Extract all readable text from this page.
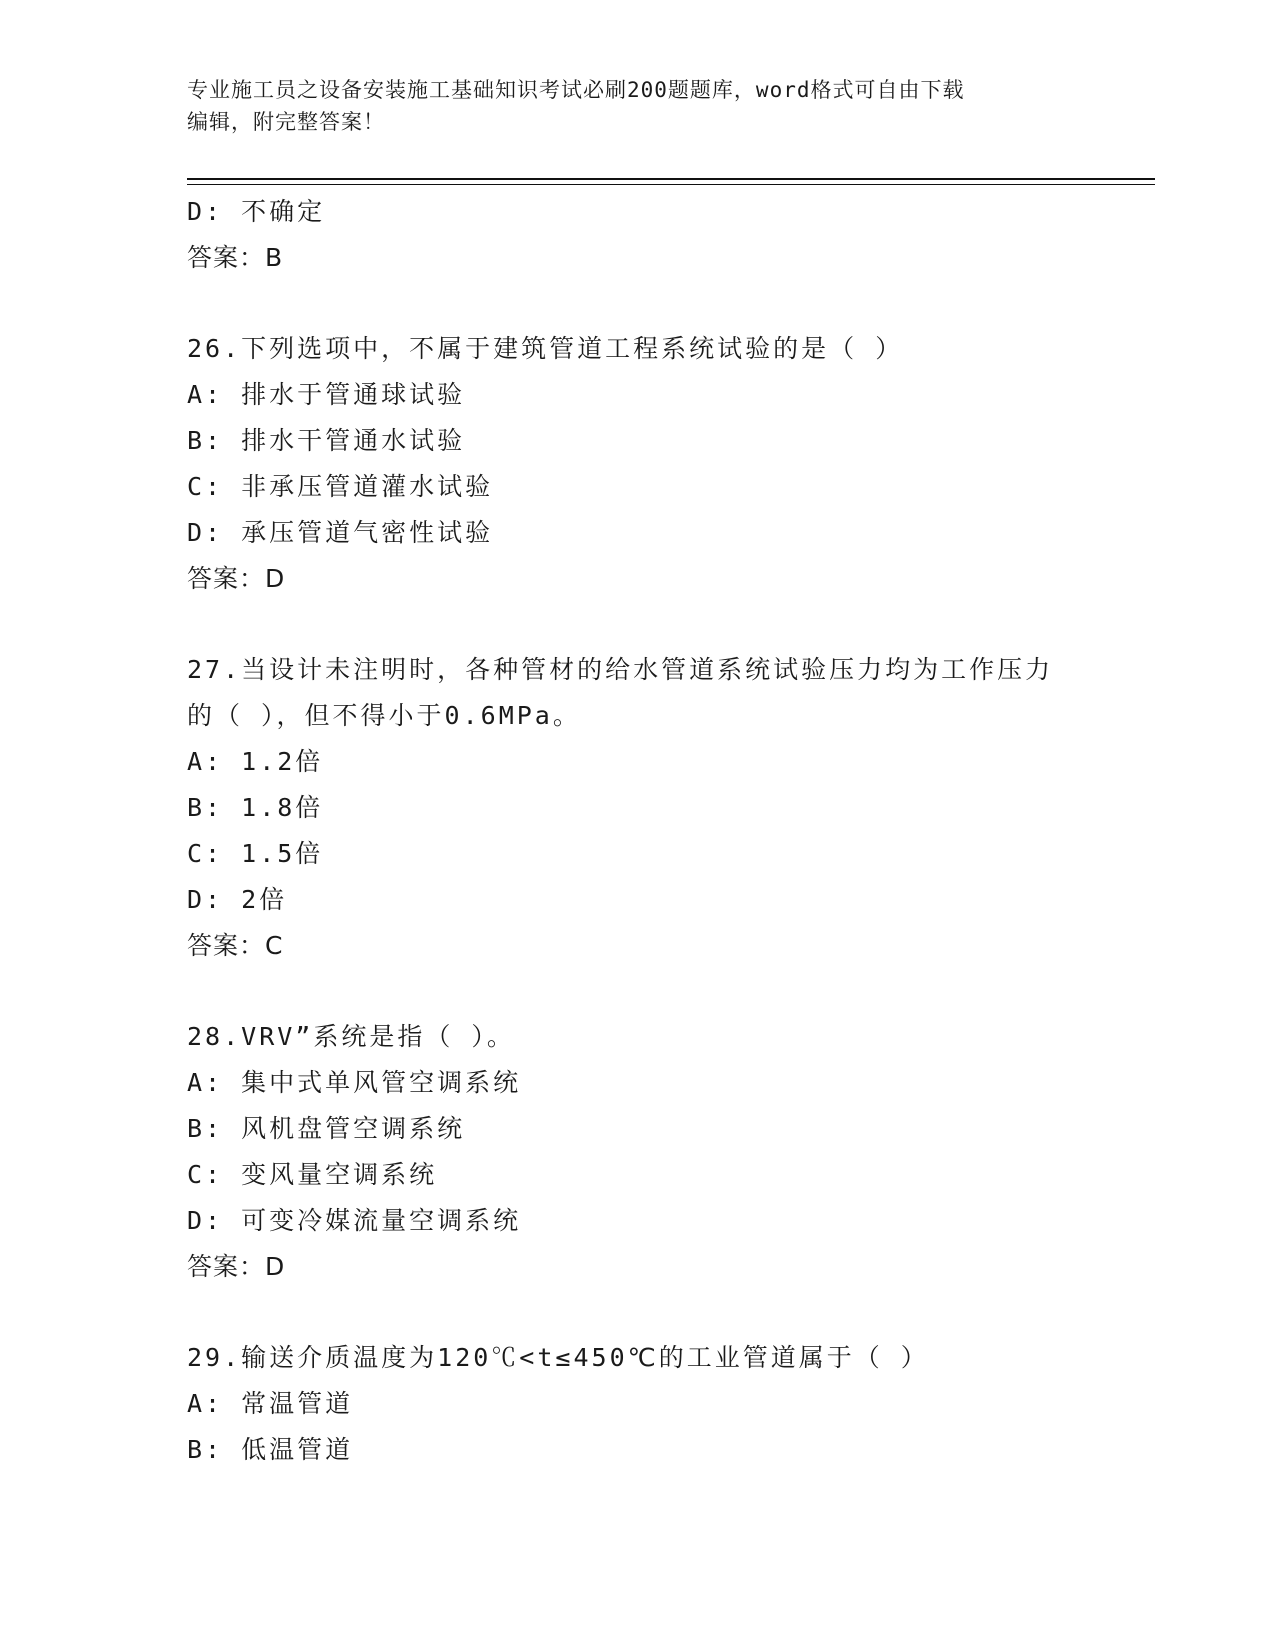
专业施工员之设备安装施工基础知识考试必刷200题题库，word格式可自由下载
编辑，附完整答案！
D: 不确定
答案：B
26.下列选项中，不属于建筑管道工程系统试验的是（ ）
A: 排水于管通球试验
B: 排水干管通水试验
C: 非承压管道灌水试验
D: 承压管道气密性试验
答案：D
27.当设计未注明时，各种管材的给水管道系统试验压力均为工作压力
的（ ），但不得小于0.6MPa。
A: 1.2倍
B: 1.8倍
C: 1.5倍
D: 2倍
答案：C
28.VRV”系统是指（ ）。
A: 集中式单风管空调系统
B: 风机盘管空调系统
C: 变风量空调系统
D: 可变冷媒流量空调系统
答案：D
29.输送介质温度为120℃<t≤450℃的工业管道属于（ ）
A: 常温管道
B: 低温管道
